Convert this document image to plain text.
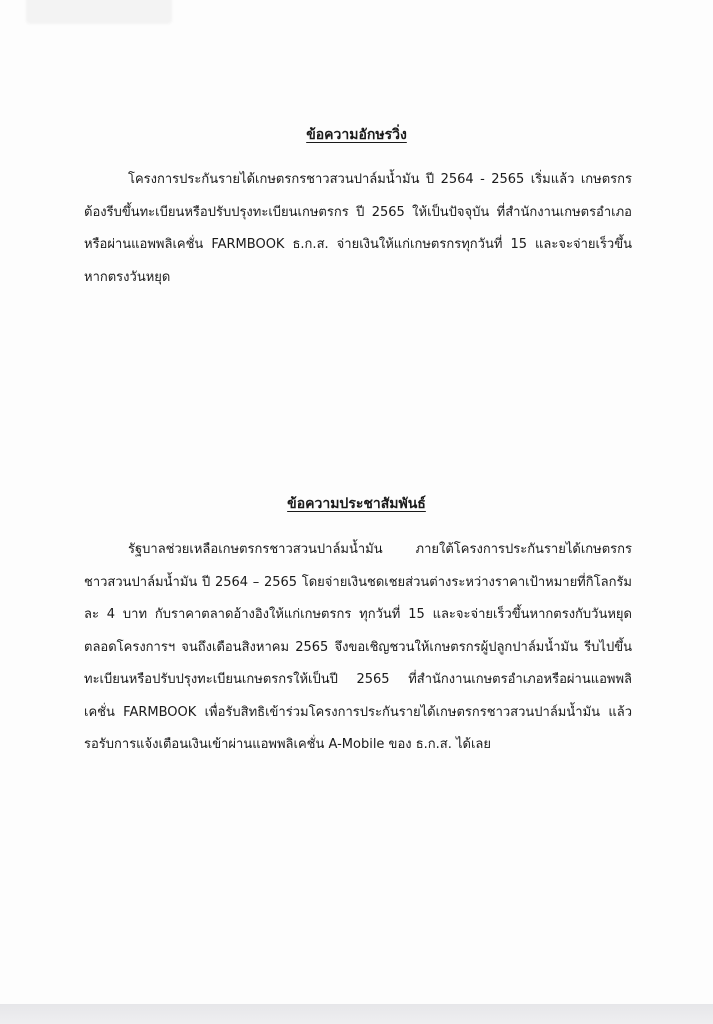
ข้อความอักษรวิ่ง

โครงการประกันรายได้เกษตรกรชาวสวนปาล์มน้ำมัน ปี 2564 - 2565 เริ่มแล้ว เกษตรกรต้องรีบขึ้นทะเบียนหรือปรับปรุงทะเบียนเกษตรกร ปี 2565 ให้เป็นปัจจุบัน ที่สำนักงานเกษตรอำเภอ หรือผ่านแอพพลิเคชั่น FARMBOOK ธ.ก.ส. จ่ายเงินให้แก่เกษตรกรทุกวันที่ 15 และจะจ่ายเร็วขึ้นหากตรงวันหยุด

ข้อความประชาสัมพันธ์

รัฐบาลช่วยเหลือเกษตรกรชาวสวนปาล์มน้ำมัน ภายใต้โครงการประกันรายได้เกษตรกรชาวสวนปาล์มน้ำมัน ปี 2564 – 2565 โดยจ่ายเงินชดเชยส่วนต่างระหว่างราคาเป้าหมายที่กิโลกรัมละ 4 บาท กับราคาตลาดอ้างอิงให้แก่เกษตรกร ทุกวันที่ 15 และจะจ่ายเร็วขึ้นหากตรงกับวันหยุด ตลอดโครงการฯ จนถึงเดือนสิงหาคม 2565 จึงขอเชิญชวนให้เกษตรกรผู้ปลูกปาล์มน้ำมัน รีบไปขึ้นทะเบียนหรือปรับปรุงทะเบียนเกษตรกรให้เป็นปี 2565 ที่สำนักงานเกษตรอำเภอหรือผ่านแอพพลิเคชั่น FARMBOOK เพื่อรับสิทธิเข้าร่วมโครงการประกันรายได้เกษตรกรชาวสวนปาล์มน้ำมัน แล้วรอรับการแจ้งเตือนเงินเข้าผ่านแอพพลิเคชั่น A-Mobile ของ ธ.ก.ส. ได้เลย
